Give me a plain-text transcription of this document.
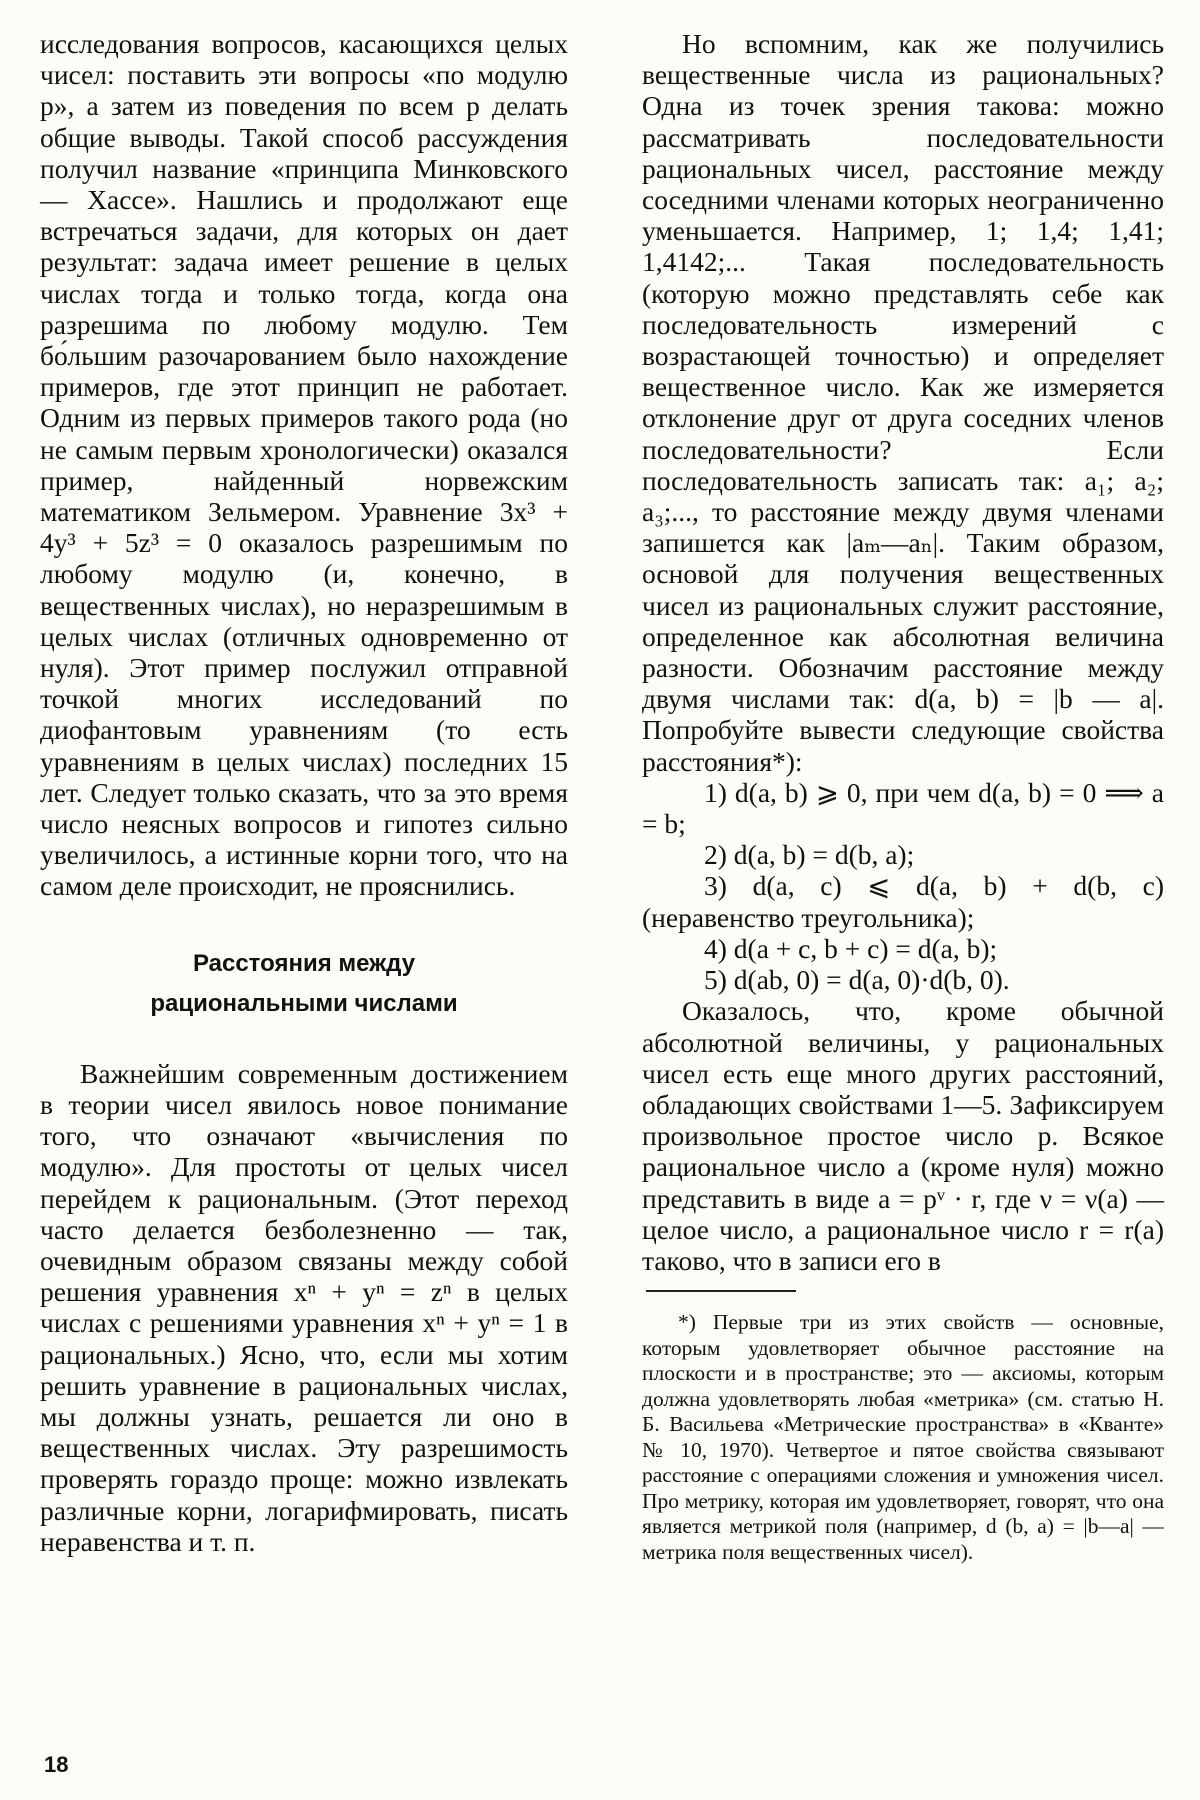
исследования вопросов, касающихся целых чисел: поставить эти вопросы «по модулю p», а затем из поведения по всем p делать общие выводы. Такой способ рассуждения получил название «принципа Минковского — Хассе». Нашлись и продолжают еще встречаться задачи, для которых он дает результат: задача имеет решение в целых числах тогда и только тогда, когда она разрешима по любому модулю. Тем бо́льшим разочарованием было нахождение примеров, где этот принцип не работает. Одним из первых примеров такого рода (но не самым первым хронологически) оказался пример, найденный норвежским математиком Зельмером. Уравнение 3x³ + 4y³ + 5z³ = 0 оказалось разрешимым по любому модулю (и, конечно, в вещественных числах), но неразрешимым в целых числах (отличных одновременно от нуля). Этот пример послужил отправной точкой многих исследований по диофантовым уравнениям (то есть уравнениям в целых числах) последних 15 лет. Следует только сказать, что за это время число неясных вопросов и гипотез сильно увеличилось, а истинные корни того, что на самом деле происходит, не прояснились.

Расстояния между
рациональными числами

Важнейшим современным достижением в теории чисел явилось новое понимание того, что означают «вычисления по модулю». Для простоты от целых чисел перейдем к рациональным. (Этот переход часто делается безболезненно — так, очевидным образом связаны между собой решения уравнения xⁿ + yⁿ = zⁿ в целых числах с решениями уравнения xⁿ + yⁿ = 1 в рациональных.) Ясно, что, если мы хотим решить уравнение в рациональных числах, мы должны узнать, решается ли оно в вещественных числах. Эту разрешимость проверять гораздо проще: можно извлекать различные корни, логарифмировать, писать неравенства и т. п.

Но вспомним, как же получились вещественные числа из рациональных? Одна из точек зрения такова: можно рассматривать последовательности рациональных чисел, расстояние между соседними членами которых неограниченно уменьшается. Например, 1; 1,4; 1,41; 1,4142;... Такая последовательность (которую можно представлять себе как последовательность измерений с возрастающей точностью) и определяет вещественное число. Как же измеряется отклонение друг от друга соседних членов последовательности? Если последовательность записать так: a₁; a₂; a₃;..., то расстояние между двумя членами запишется как |aₘ—aₙ|. Таким образом, основой для получения вещественных чисел из рациональных служит расстояние, определенное как абсолютная величина разности. Обозначим расстояние между двумя числами так: d(a, b) = |b — a|. Попробуйте вывести следующие свойства расстояния*):

1) d(a, b) ⩾ 0, при чем d(a, b) = 0 ⟹ a = b;
2) d(a, b) = d(b, a);
3) d(a, c) ⩽ d(a, b) + d(b, c) (неравенство треугольника);
4) d(a + c, b + c) = d(a, b);
5) d(ab, 0) = d(a, 0)·d(b, 0).

Оказалось, что, кроме обычной абсолютной величины, у рациональных чисел есть еще много других расстояний, обладающих свойствами 1—5. Зафиксируем произвольное простое число p. Всякое рациональное число a (кроме нуля) можно представить в виде a = pᵛ · r, где ν = ν(a) — целое число, а рациональное число r = r(a) таково, что в записи его в

*) Первые три из этих свойств — основные, которым удовлетворяет обычное расстояние на плоскости и в пространстве; это — аксиомы, которым должна удовлетворять любая «метрика» (см. статью Н. Б. Васильева «Метрические пространства» в «Кванте» № 10, 1970). Четвертое и пятое свойства связывают расстояние с операциями сложения и умножения чисел. Про метрику, которая им удовлетворяет, говорят, что она является метрикой поля (например, d (b, a) = |b—a| — метрика поля вещественных чисел).

18
